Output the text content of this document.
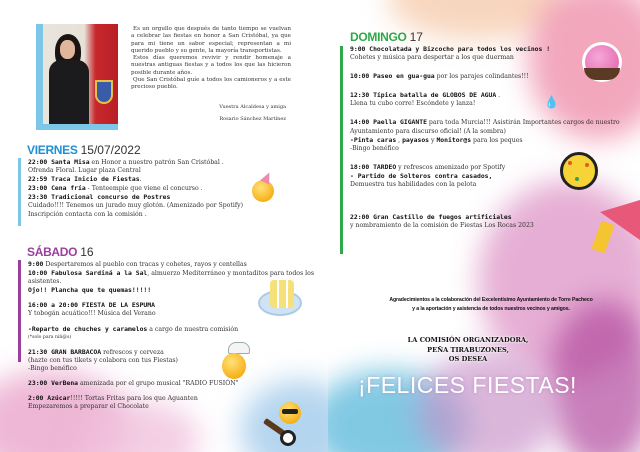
Es un orgullo que después de tanto tiempo se vuelvan a celebrar las fiestas en honor a San Cristóbal, ya que para mi tiene un sabor especial; representan a mi querido pueblo y su gente, la mayoría transportistas.

Estos días queremos revivir y rendir homenaje a nuestras antiguas fiestas y a todos los que las hicieron posible durante años.

Que San Cristóbal guíe a todos los camioneros y a este precioso pueblo.

Vuestra Alcaldesa y amiga
Rosario Sánchez Martínez
VIERNES 15/07/2022
22:00 Santa Misa en Honor a nuestro patrón San Cristóbal .
Ofrenda Floral. Lugar plaza Central
22:59 Traca Inicio de Fiestas.
23:00 Cena fría - Tenteempie que viene el concurso .
23:30 Tradicional concurso de Postres
Cuidado!!!! Tenemos un jurado muy glotón. (Amenizado por Spotify)
Inscripción contacta con la comisión .
SÁBADO 16
9:00 Despertaremos al pueblo con tracas y cohetes, rayos y centellas
10:00 Fabulosa Sardiná a la Sal, almuerzo Mediterráneo y montaditos para todos los asistentes.
Ojo!! Plancha que te quemas!!!!!
16:00 a 20:00 FIESTA DE LA ESPUMA
Y tobogán acuático!!! Música del Verano
-Reparto de chuches y caramelos a cargo de nuestra comisión
(*solo para niñ@s)
21:30 GRAN BARBACOA refrescos y cerveza
(hazte con tus tikets y colabora con tus Fiestas)
-Bingo benéfico
23:00 VerBena amenizada por el grupo musical "RADIO FUSIÓN"
2:00 Azúcar!!!!! Tortas Fritas para los que Aguanten
Empezaremos a preparar el Chocolate
DOMINGO 17
9:00 Chocolatada y Bizcocho para todos los vecinos !
Cohetes y música para despertar a los que duerman
10:00 Paseo en gua-gua por los parajes colindantes!!!
12:30 Típica batalla de GLOBOS DE AGUA .
Llena tu cubo corre! Escóndete y lanza!
14:00 Paella GIGANTE para toda Murcia!!! Asistirán Importantes cargos de nuestro Ayuntamiento para discurso oficial! (A la sombra)
-Pinta caras , payasos y Monitor@s para los peques
-Bingo benéfico
18:00 TARDEO y refrescos amenizado por Spotify
- Partido de Solteros contra casados,
Demuestra tus habilidades con la pelota
22:00 Gran Castillo de fuegos artificiales
y nombramiento de la comisión de Fiestas Los Rocas 2023
💧
Agradecimientos a la colaboración del Excelentísimo Ayuntamiento de Torre Pacheco
y a la aportación y asistencia de todos nuestros vecinos y amigos.
LA COMISIÓN ORGANIZADORA,
PEÑA TIRABUZONES,
OS DESEA
¡FELICES FIESTAS!
